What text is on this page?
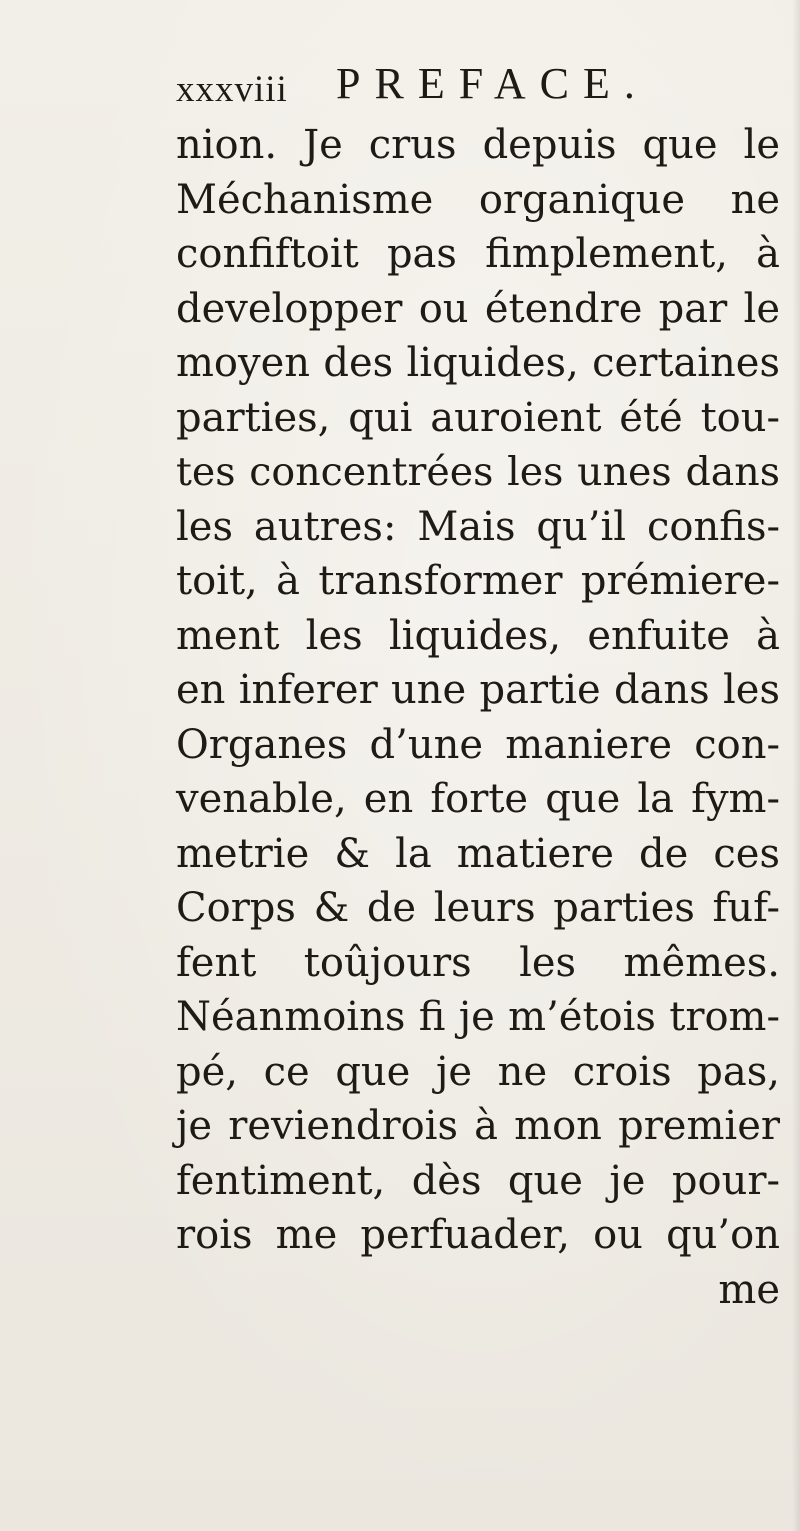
xxxviii PREFACE.
nion. Je crus depuis que le
Méchanisme organique ne
confiftoit pas fimplement, à
developper ou étendre par le
moyen des liquides, certaines
parties, qui auroient été tou-
tes concentrées les unes dans
les autres: Mais qu’il confis-
toit, à transformer prémiere-
ment les liquides, enfuite à
en inferer une partie dans les
Organes d’une maniere con-
venable, en forte que la fym-
metrie & la matiere de ces
Corps & de leurs parties fuf-
fent toûjours les mêmes.
Néanmoins fi je m’étois trom-
pé, ce que je ne crois pas,
je reviendrois à mon premier
fentiment, dès que je pour-
rois me perfuader, ou qu’on
me
